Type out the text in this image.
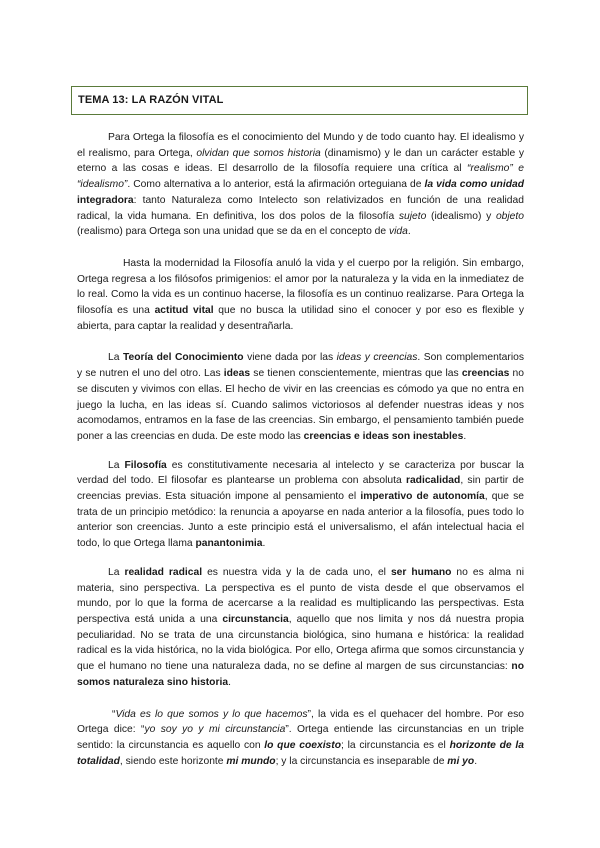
TEMA 13: LA RAZÓN VITAL

Para Ortega la filosofía es el conocimiento del Mundo y de todo cuanto hay. El idealismo y el realismo, para Ortega, olvidan que somos historia (dinamismo) y le dan un carácter estable y eterno a las cosas e ideas. El desarrollo de la filosofía requiere una crítica al “realismo” e “idealismo”. Como alternativa a lo anterior, está la afirmación orteguiana de la vida como unidad integradora: tanto Naturaleza como Intelecto son relativizados en función de una realidad radical, la vida humana. En definitiva, los dos polos de la filosofía sujeto (idealismo) y objeto (realismo) para Ortega son una unidad que se da en el concepto de vida.

Hasta la modernidad la Filosofía anuló la vida y el cuerpo por la religión. Sin embargo, Ortega regresa a los filósofos primigenios: el amor por la naturaleza y la vida en la inmediatez de lo real. Como la vida es un continuo hacerse, la filosofía es un continuo realizarse. Para Ortega la filosofía es una actitud vital que no busca la utilidad sino el conocer y por eso es flexible y abierta, para captar la realidad y desentrañarla.

La Teoría del Conocimiento viene dada por las ideas y creencias. Son complementarios y se nutren el uno del otro. Las ideas se tienen conscientemente, mientras que las creencias no se discuten y vivimos con ellas. El hecho de vivir en las creencias es cómodo ya que no entra en juego la lucha, en las ideas sí. Cuando salimos victoriosos al defender nuestras ideas y nos acomodamos, entramos en la fase de las creencias. Sin embargo, el pensamiento también puede poner a las creencias en duda. De este modo las creencias e ideas son inestables.

La Filosofía es constitutivamente necesaria al intelecto y se caracteriza por buscar la verdad del todo. El filosofar es plantearse un problema con absoluta radicalidad, sin partir de creencias previas. Esta situación impone al pensamiento el imperativo de autonomía, que se trata de un principio metódico: la renuncia a apoyarse en nada anterior a la filosofía, pues todo lo anterior son creencias. Junto a este principio está el universalismo, el afán intelectual hacia el todo, lo que Ortega llama panantonimia.

La realidad radical es nuestra vida y la de cada uno, el ser humano no es alma ni materia, sino perspectiva. La perspectiva es el punto de vista desde el que observamos el mundo, por lo que la forma de acercarse a la realidad es multiplicando las perspectivas. Esta perspectiva está unida a una circunstancia, aquello que nos limita y nos dá nuestra propia peculiaridad. No se trata de una circunstancia biológica, sino humana e histórica: la realidad radical es la vida histórica, no la vida biológica. Por ello, Ortega afirma que somos circunstancia y que el humano no tiene una naturaleza dada, no se define al margen de sus circunstancias: no somos naturaleza sino historia.

“Vida es lo que somos y lo que hacemos”, la vida es el quehacer del hombre. Por eso Ortega dice: “yo soy yo y mi circunstancia”. Ortega entiende las circunstancias en un triple sentido: la circunstancia es aquello con lo que coexisto; la circunstancia es el horizonte de la totalidad, siendo este horizonte mi mundo; y la circunstancia es inseparable de mi yo.
